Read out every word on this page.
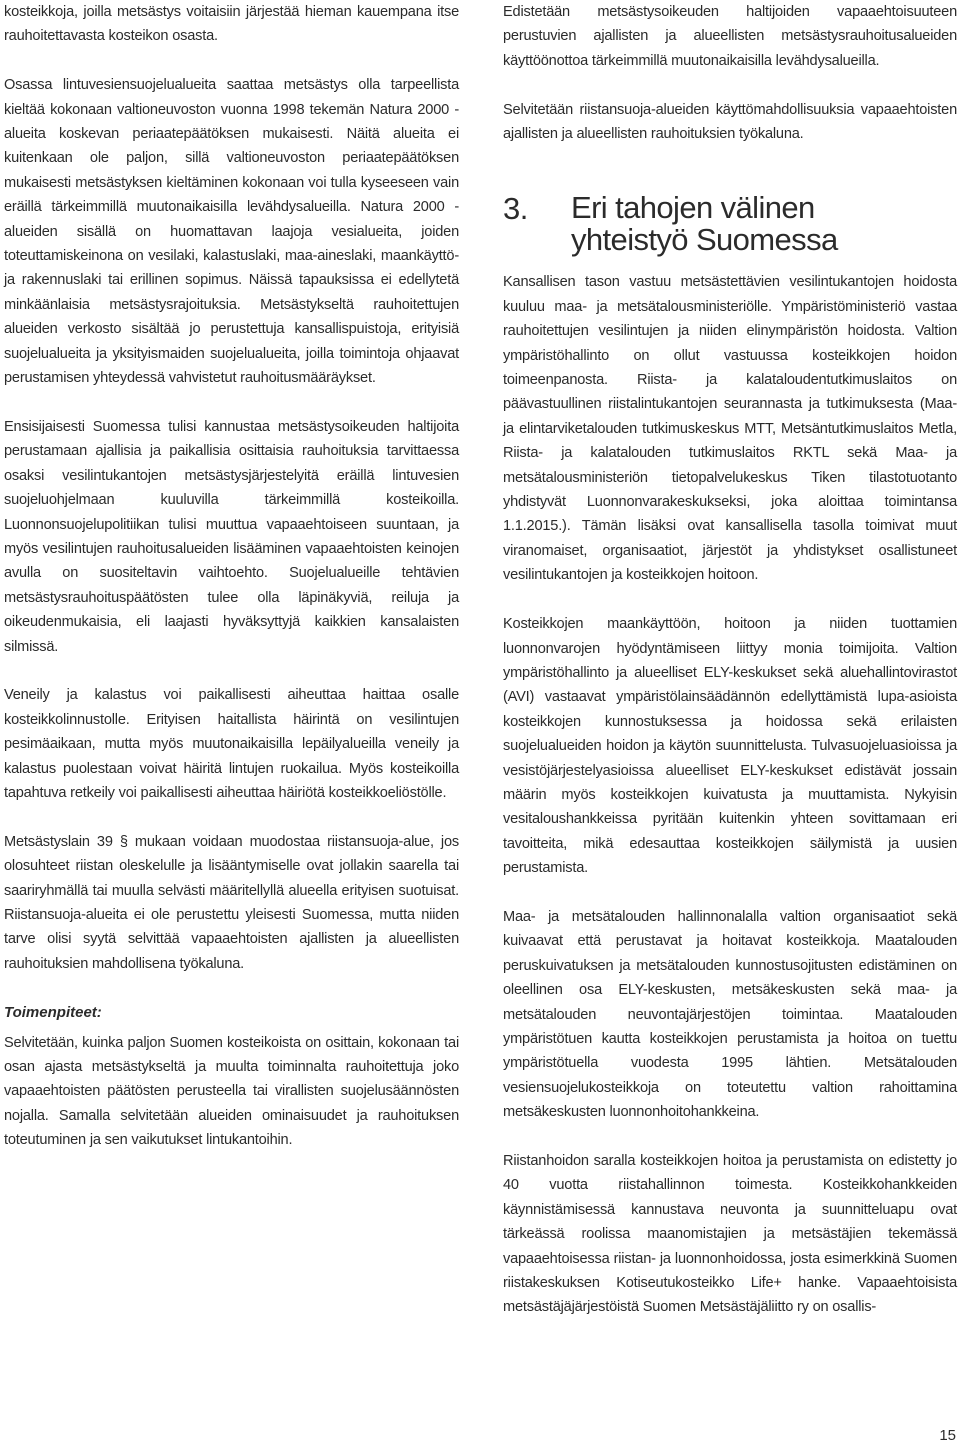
kosteikkoja, joilla metsästys voitaisiin järjestää hieman kauempana itse rauhoitettavasta kosteikon osasta.

Osassa lintuvesiensuojelualueita saattaa metsästys olla tarpeellista kieltää kokonaan valtioneuvoston vuonna 1998 tekemän Natura 2000 -alueita koskevan periaatepäätöksen mukaisesti. Näitä alueita ei kuitenkaan ole paljon, sillä valtioneuvoston periaatepäätöksen mukaisesti metsästyksen kieltäminen kokonaan voi tulla kyseeseen vain eräillä tärkeimmillä muutonaikaisilla levähdysalueilla. Natura 2000 -alueiden sisällä on huomattavan laajoja vesialueita, joiden toteuttamiskeinona on vesilaki, kalastuslaki, maa-aineslaki, maankäyttö- ja rakennuslaki tai erillinen sopimus. Näissä tapauksissa ei edellytetä minkäänlaisia metsästysrajoituksia. Metsästykseltä rauhoitettujen alueiden verkosto sisältää jo perustettuja kansallispuistoja, erityisiä suojelualueita ja yksityismaiden suojelualueita, joilla toimintoja ohjaavat perustamisen yhteydessä vahvistetut rauhoitusmääräykset.

Ensisijaisesti Suomessa tulisi kannustaa metsästysoikeuden haltijoita perustamaan ajallisia ja paikallisia osittaisia rauhoituksia tarvittaessa osaksi vesilintukantojen metsästysjärjestelyitä eräillä lintuvesien suojeluohjelmaan kuuluvilla tärkeimmillä kosteikoilla. Luonnonsuojelupolitiikan tulisi muuttua vapaaehtoiseen suuntaan, ja myös vesilintujen rauhoitusalueiden lisääminen vapaaehtoisten keinojen avulla on suositeltavin vaihtoehto. Suojelualueille tehtävien metsästysrauhoituspäätösten tulee olla läpinäkyviä, reiluja ja oikeudenmukaisia, eli laajasti hyväksyttyjä kaikkien kansalaisten silmissä.

Veneily ja kalastus voi paikallisesti aiheuttaa haittaa osalle kosteikkolinnustolle. Erityisen haitallista häirintä on vesilintujen pesimäaikaan, mutta myös muutonaikaisilla lepäilyalueilla veneily ja kalastus puolestaan voivat häiritä lintujen ruokailua. Myös kosteikoilla tapahtuva retkeily voi paikallisesti aiheuttaa häiriötä kosteikkoeliöstölle.

Metsästyslain 39 § mukaan voidaan muodostaa riistansuoja-alue, jos olosuhteet riistan oleskelulle ja lisääntymiselle ovat jollakin saarella tai saariryhmällä tai muulla selvästi määritellyllä alueella erityisen suotuisat. Riistansuoja-alueita ei ole perustettu yleisesti Suomessa, mutta niiden tarve olisi syytä selvittää vapaaehtoisten ajallisten ja alueellisten rauhoituksien mahdollisena työkaluna.

Toimenpiteet:

Selvitetään, kuinka paljon Suomen kosteikoista on osittain, kokonaan tai osan ajasta metsästykseltä ja muulta toiminnalta rauhoitettuja joko vapaaehtoisten päätösten perusteella tai virallisten suojelusäännösten nojalla. Samalla selvitetään alueiden ominaisuudet ja rauhoituksen toteutuminen ja sen vaikutukset lintukantoihin.

Edistetään metsästysoikeuden haltijoiden vapaaehtoisuuteen perustuvien ajallisten ja alueellisten metsästysrauhoitusalueiden käyttöönottoa tärkeimmillä muutonaikaisilla levähdysalueilla.

Selvitetään riistansuoja-alueiden käyttömahdollisuuksia vapaaehtoisten ajallisten ja alueellisten rauhoituksien työkaluna.

3. Eri tahojen välinen
yhteistyö Suomessa

Kansallisen tason vastuu metsästettävien vesilintukantojen hoidosta kuuluu maa- ja metsätalousministeriölle. Ympäristöministeriö vastaa rauhoitettujen vesilintujen ja niiden elinympäristön hoidosta. Valtion ympäristöhallinto on ollut vastuussa kosteikkojen hoidon toimeenpanosta. Riista- ja kalataloudentutkimuslaitos on päävastuullinen riistalintukantojen seurannasta ja tutkimuksesta (Maa- ja elintarviketalouden tutkimuskeskus MTT, Metsäntutkimuslaitos Metla, Riista- ja kalatalouden tutkimuslaitos RKTL sekä Maa- ja metsätalousministeriön tietopalvelukeskus Tiken tilastotuotanto yhdistyvät Luonnonvarakeskukseksi, joka aloittaa toimintansa 1.1.2015.). Tämän lisäksi ovat kansallisella tasolla toimivat muut viranomaiset, organisaatiot, järjestöt ja yhdistykset osallistuneet vesilintukantojen ja kosteikkojen hoitoon.

Kosteikkojen maankäyttöön, hoitoon ja niiden tuottamien luonnonvarojen hyödyntämiseen liittyy monia toimijoita. Valtion ympäristöhallinto ja alueelliset ELY-keskukset sekä aluehallintovirastot (AVI) vastaavat ympäristölainsäädännön edellyttämistä lupa-asioista kosteikkojen kunnostuksessa ja hoidossa sekä erilaisten suojelualueiden hoidon ja käytön suunnittelusta. Tulvasuojeluasioissa ja vesistöjärjestelyasioissa alueelliset ELY-keskukset edistävät jossain määrin myös kosteikkojen kuivatusta ja muuttamista. Nykyisin vesitaloushankkeissa pyritään kuitenkin yhteen sovittamaan eri tavoitteita, mikä edesauttaa kosteikkojen säilymistä ja uusien perustamista.

Maa- ja metsätalouden hallinnonalalla valtion organisaatiot sekä kuivaavat että perustavat ja hoitavat kosteikkoja. Maatalouden peruskuivatuksen ja metsätalouden kunnostusojitusten edistäminen on oleellinen osa ELY-keskusten, metsäkeskusten sekä maa- ja metsätalouden neuvontajärjestöjen toimintaa. Maatalouden ympäristötuen kautta kosteikkojen perustamista ja hoitoa on tuettu ympäristötuella vuodesta 1995 lähtien. Metsätalouden vesiensuojelukosteikkoja on toteutettu valtion rahoittamina metsäkeskusten luonnonhoitohankkeina.

Riistanhoidon saralla kosteikkojen hoitoa ja perustamista on edistetty jo 40 vuotta riistahallinnon toimesta. Kosteikkohankkeiden käynnistämisessä kannustava neuvonta ja suunnitteluapu ovat tärkeässä roolissa maanomistajien ja metsästäjien tekemässä vapaaehtoisessa riistan- ja luonnonhoidossa, josta esimerkkinä Suomen riistakeskuksen Kotiseutukosteikko Life+ hanke. Vapaaehtoisista metsästäjäjärjestöistä Suomen Metsästäjäliitto ry on osallis-

15
